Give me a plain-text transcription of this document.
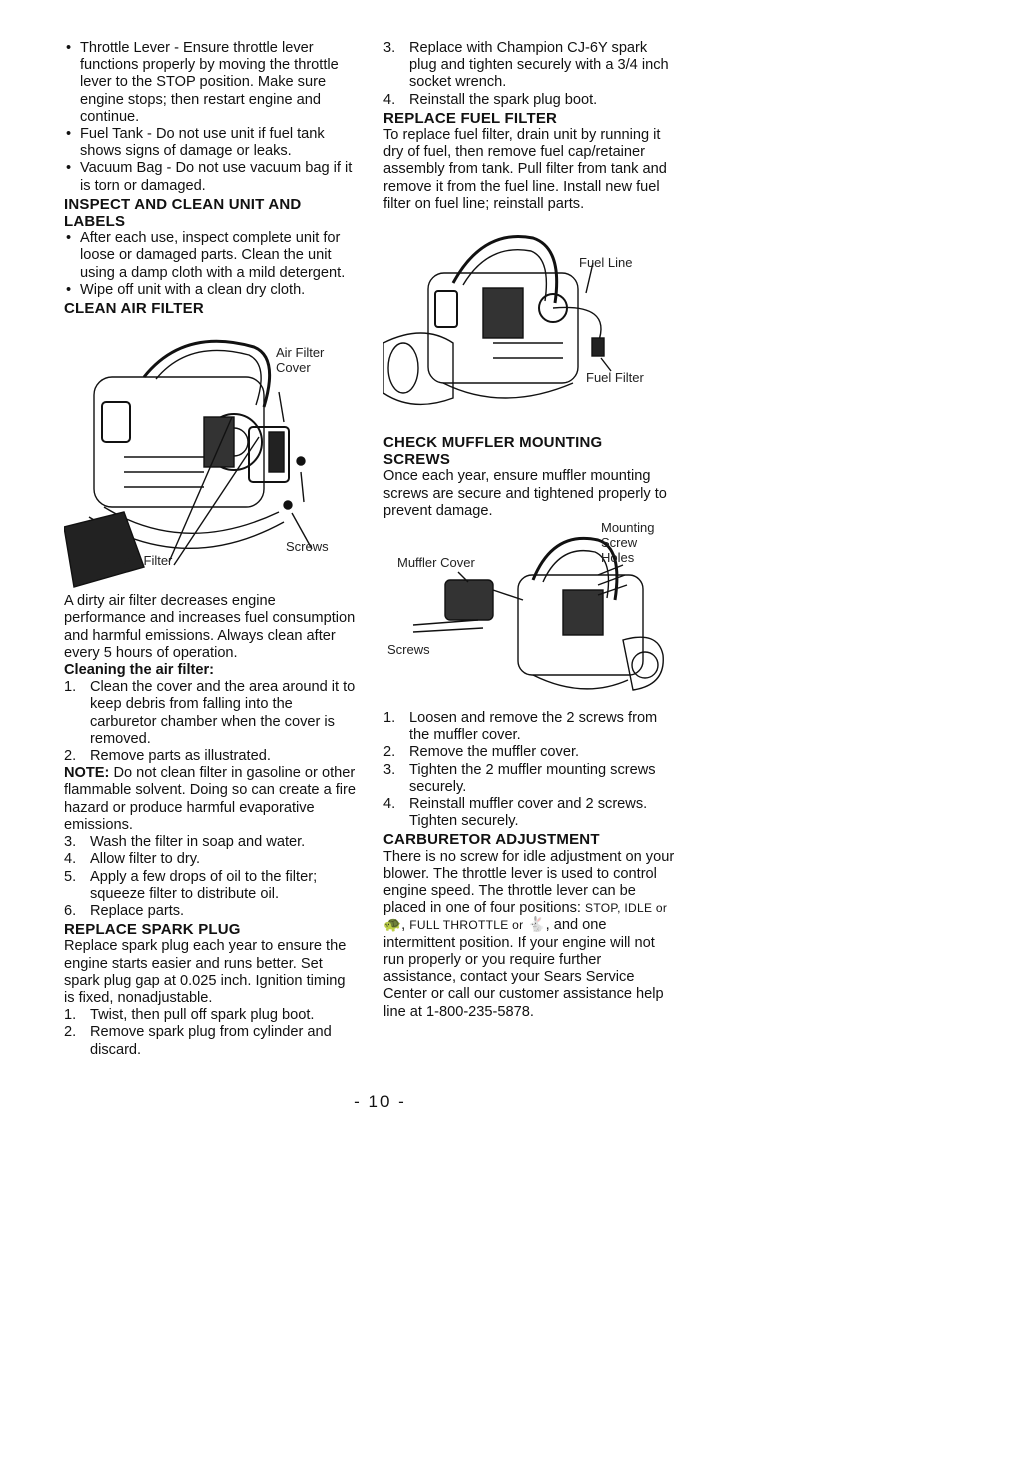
• Throttle Lever - Ensure throttle lever functions properly by moving the throttle lever to the STOP position. Make sure engine stops; then restart engine and continue.
• Fuel Tank - Do not use unit if fuel tank shows signs of damage or leaks.
• Vacuum Bag - Do not use vacuum bag if it is torn or damaged.
INSPECT AND CLEAN UNIT AND LABELS
• After each use, inspect complete unit for loose or damaged parts. Clean the unit using a damp cloth with a mild detergent.
• Wipe off unit with a clean dry cloth.
CLEAN AIR FILTER
Air Filter Cover
Screws
Air Filter

A dirty air filter decreases engine performance and increases fuel consumption and harmful emissions. Always clean after every 5 hours of operation.

Cleaning the air filter:
1. Clean the cover and the area around it to keep debris from falling into the carburetor chamber when the cover is removed.
2. Remove parts as illustrated.

NOTE: Do not clean filter in gasoline or other flammable solvent. Doing so can create a fire hazard or produce harmful evaporative emissions.

3. Wash the filter in soap and water.
4. Allow filter to dry.
5. Apply a few drops of oil to the filter; squeeze filter to distribute oil.
6. Replace parts.
REPLACE SPARK PLUG

Replace spark plug each year to ensure the engine starts easier and runs better. Set spark plug gap at 0.025 inch. Ignition timing is fixed, nonadjustable.

1. Twist, then pull off spark plug boot.
2. Remove spark plug from cylinder and discard.
3. Replace with Champion CJ-6Y spark plug and tighten securely with a 3/4 inch socket wrench.
4. Reinstall the spark plug boot.
REPLACE FUEL FILTER

To replace fuel filter, drain unit by running it dry of fuel, then remove fuel cap/retainer assembly from tank. Pull filter from tank and remove it from the fuel line. Install new fuel filter on fuel line; reinstall parts.

Fuel Line
Fuel Filter
CHECK MUFFLER MOUNTING SCREWS

Once each year, ensure muffler mounting screws are secure and tightened properly to prevent damage.

Mounting Screw Holes
Muffler Cover
Screws
1. Loosen and remove the 2 screws from the muffler cover.
2. Remove the muffler cover.
3. Tighten the 2 muffler mounting screws securely.
4. Reinstall muffler cover and 2 screws. Tighten securely.
CARBURETOR ADJUSTMENT

There is no screw for idle adjustment on your blower. The throttle lever is used to control engine speed. The throttle lever can be placed in one of four positions: STOP, IDLE or 🐢, FULL THROTTLE or 🐇, and one intermittent position. If your engine will not run properly or you require further assistance, contact your Sears Service Center or call our customer assistance help line at 1-800-235-5878.

- 10 -
